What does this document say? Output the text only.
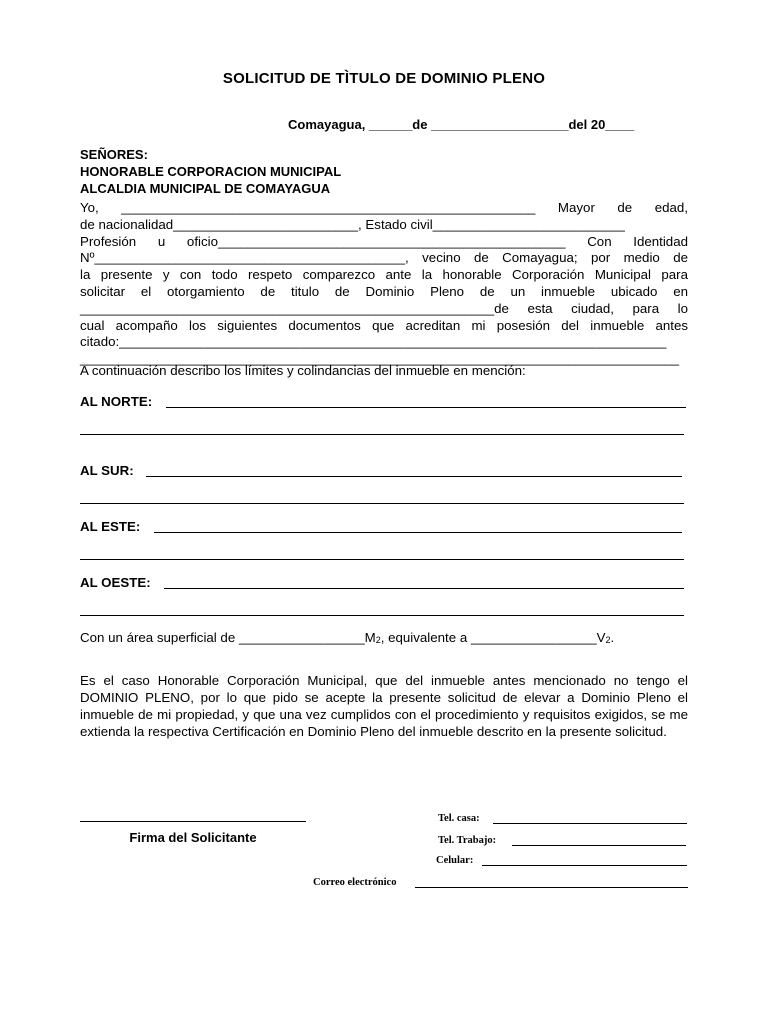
SOLICITUD DE TÌTULO DE DOMINIO PLENO
Comayagua, ______de ___________________del 20____
SEÑORES:
HONORABLE CORPORACION MUNICIPAL
ALCALDIA MUNICIPAL DE COMAYAGUA
Yo, ________________________________________________________ Mayor de edad,
de nacionalidad_________________________, Estado civil__________________________
Profesión u oficio_______________________________________________ Con Identidad
Nº__________________________________________, vecino de Comayagua; por medio de
la presente y con todo respeto comparezco ante la honorable Corporación Municipal para
solicitar el otorgamiento de titulo de Dominio Pleno de un inmueble ubicado en
________________________________________________________de esta ciudad, para lo
cual acompaño los siguientes documentos que acreditan mi posesión del inmueble antes
citado:__________________________________________________________________________
_________________________________________________________________________________
A continuación describo los límites y colindancias del inmueble en mención:
AL NORTE:
AL SUR:
AL ESTE:
AL OESTE:
Con un área superficial de $\_\_\_\_\_\_\_\_\_\_\_\_\_\_\_\_\_M_2$, equivalente a $\_\_\_\_\_\_\_\_\_\_\_\_\_\_\_\_\_V_2$.
Es el caso Honorable Corporación Municipal, que del inmueble antes mencionado no tengo el DOMINIO PLENO, por lo que pido se acepte la presente solicitud de elevar a Dominio Pleno el inmueble de mi propiedad, y que una vez cumplidos con el procedimiento y requisitos exigidos, se me extienda la respectiva Certificación en Dominio Pleno del inmueble descrito en la presente solicitud.
Firma del Solicitante
Tel. casa:
Tel. Trabajo:
Celular:
Correo electrónico
